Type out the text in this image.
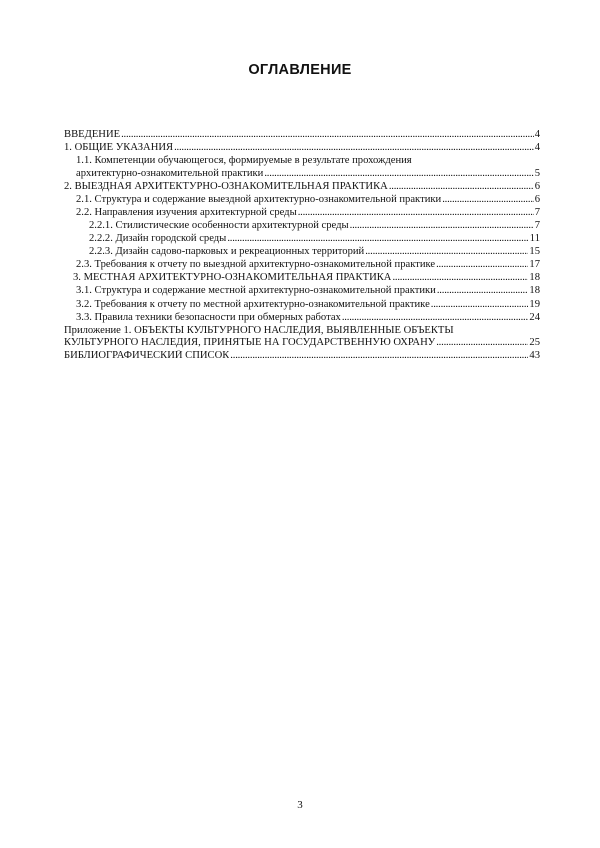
ОГЛАВЛЕНИЕ
ВВЕДЕНИЕ .....	4
1. ОБЩИЕ УКАЗАНИЯ .....	4
1.1. Компетенции обучающегося, формируемые в результате прохождения
архитектурно-ознакомительной практики .....	5
2. ВЫЕЗДНАЯ АРХИТЕКТУРНО-ОЗНАКОМИТЕЛЬНАЯ ПРАКТИКА .....	6
2.1. Структура и содержание выездной архитектурно-ознакомительной практики .....	6
2.2. Направления изучения архитектурной среды .....	7
2.2.1. Стилистические особенности архитектурной среды .....	7
2.2.2. Дизайн городской среды .....	11
2.2.3. Дизайн садово-парковых и рекреационных территорий .....	15
2.3. Требования к отчету по выездной архитектурно-ознакомительной практике .....	17
3. МЕСТНАЯ АРХИТЕКТУРНО-ОЗНАКОМИТЕЛЬНАЯ ПРАКТИКА .....	18
3.1. Структура и содержание местной архитектурно-ознакомительной практики .....	18
3.2. Требования к отчету по местной архитектурно-ознакомительной практике .....	19
3.3. Правила техники безопасности при обмерных работах .....	24
Приложение 1. ОБЪЕКТЫ КУЛЬТУРНОГО НАСЛЕДИЯ, ВЫЯВЛЕННЫЕ ОБЪЕКТЫ
КУЛЬТУРНОГО НАСЛЕДИЯ, ПРИНЯТЫЕ НА ГОСУДАРСТВЕННУЮ ОХРАНУ .....	25
БИБЛИОГРАФИЧЕСКИЙ СПИСОК .....	43
3
